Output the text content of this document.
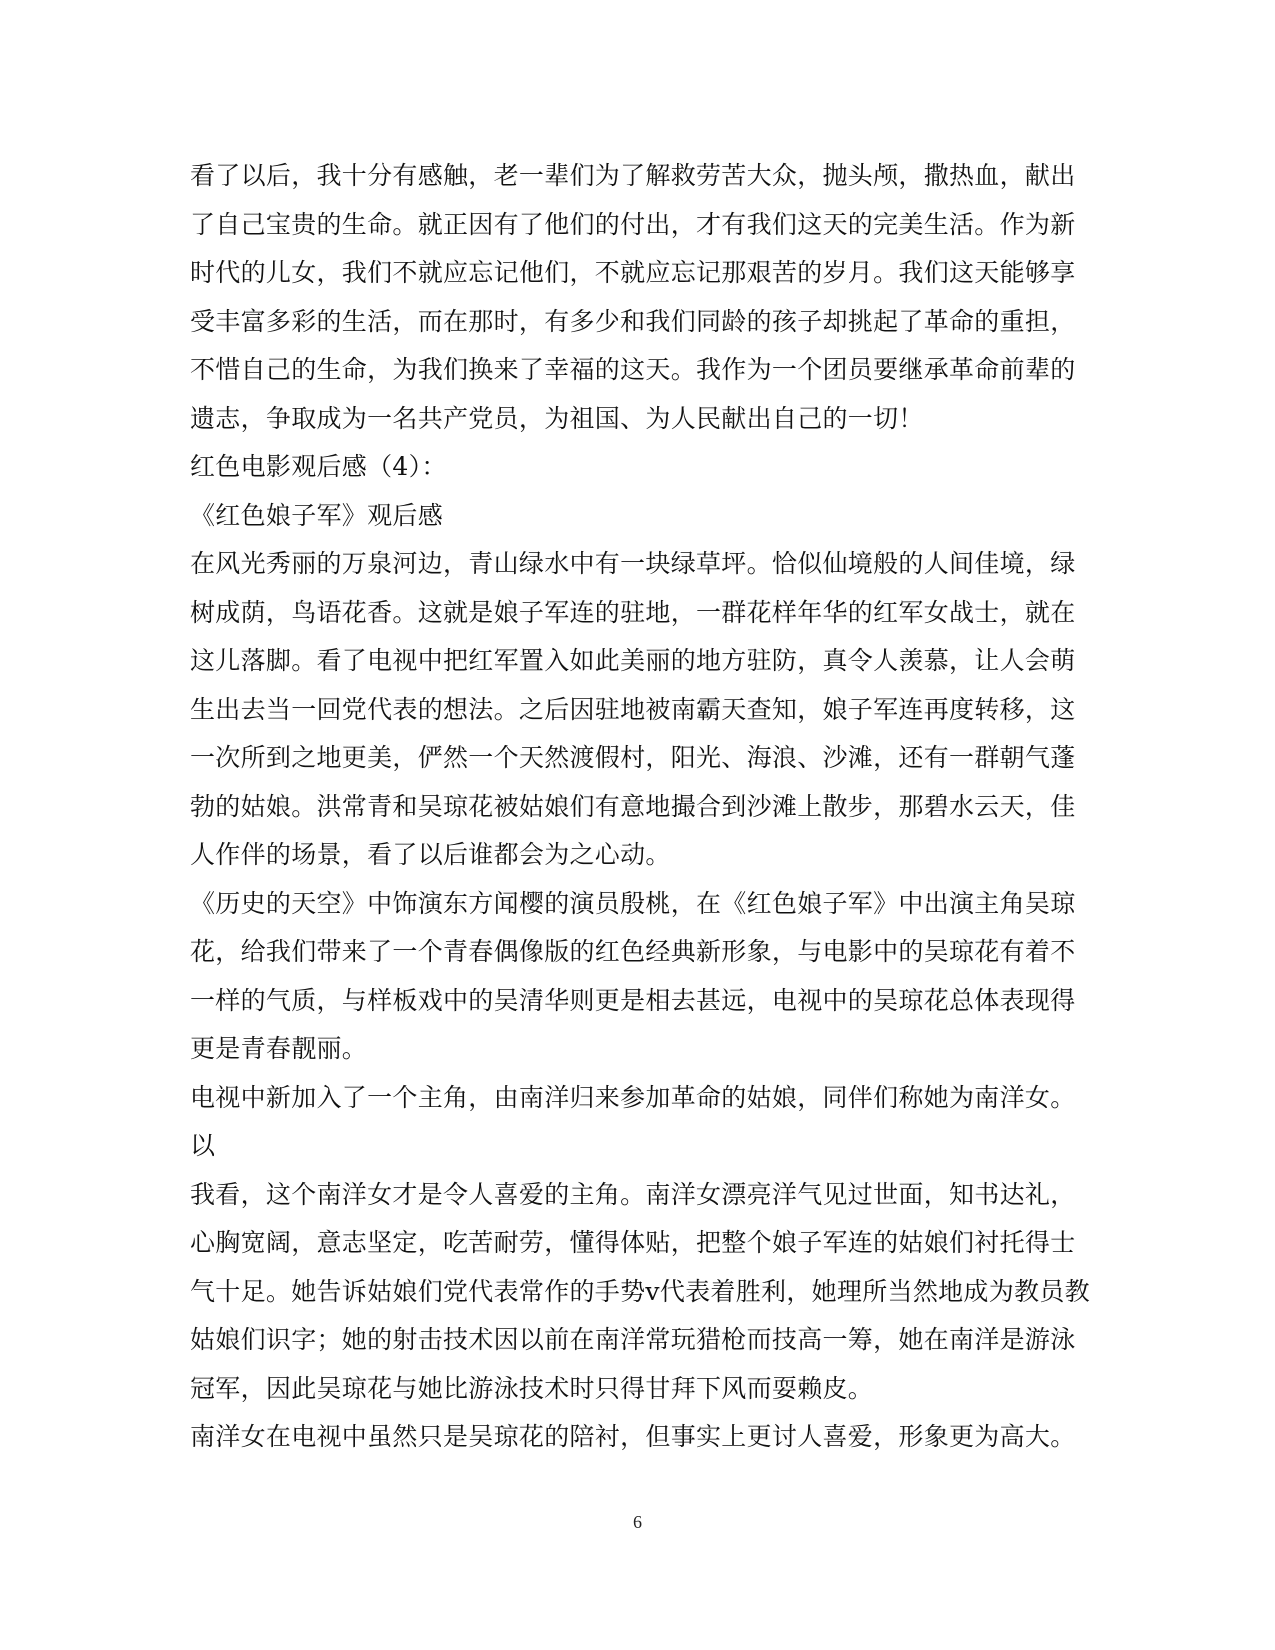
看了以后，我十分有感触，老一辈们为了解救劳苦大众，抛头颅，撒热血，献出
了自己宝贵的生命。就正因有了他们的付出，才有我们这天的完美生活。作为新
时代的儿女，我们不就应忘记他们，不就应忘记那艰苦的岁月。我们这天能够享
受丰富多彩的生活，而在那时，有多少和我们同龄的孩子却挑起了革命的重担，
不惜自己的生命，为我们换来了幸福的这天。我作为一个团员要继承革命前辈的
遗志，争取成为一名共产党员，为祖国、为人民献出自己的一切！
红色电影观后感（4）：
《红色娘子军》观后感
在风光秀丽的万泉河边，青山绿水中有一块绿草坪。恰似仙境般的人间佳境，绿
树成荫，鸟语花香。这就是娘子军连的驻地，一群花样年华的红军女战士，就在
这儿落脚。看了电视中把红军置入如此美丽的地方驻防，真令人羡慕，让人会萌
生出去当一回党代表的想法。之后因驻地被南霸天查知，娘子军连再度转移，这
一次所到之地更美，俨然一个天然渡假村，阳光、海浪、沙滩，还有一群朝气蓬
勃的姑娘。洪常青和吴琼花被姑娘们有意地撮合到沙滩上散步，那碧水云天，佳
人作伴的场景，看了以后谁都会为之心动。
《历史的天空》中饰演东方闻樱的演员殷桃，在《红色娘子军》中出演主角吴琼
花，给我们带来了一个青春偶像版的红色经典新形象，与电影中的吴琼花有着不
一样的气质，与样板戏中的吴清华则更是相去甚远，电视中的吴琼花总体表现得
更是青春靓丽。
电视中新加入了一个主角，由南洋归来参加革命的姑娘，同伴们称她为南洋女。
以
我看，这个南洋女才是令人喜爱的主角。南洋女漂亮洋气见过世面，知书达礼，
心胸宽阔，意志坚定，吃苦耐劳，懂得体贴，把整个娘子军连的姑娘们衬托得士
气十足。她告诉姑娘们党代表常作的手势v代表着胜利，她理所当然地成为教员教
姑娘们识字；她的射击技术因以前在南洋常玩猎枪而技高一筹，她在南洋是游泳
冠军，因此吴琼花与她比游泳技术时只得甘拜下风而耍赖皮。
南洋女在电视中虽然只是吴琼花的陪衬，但事实上更讨人喜爱，形象更为高大。
6
